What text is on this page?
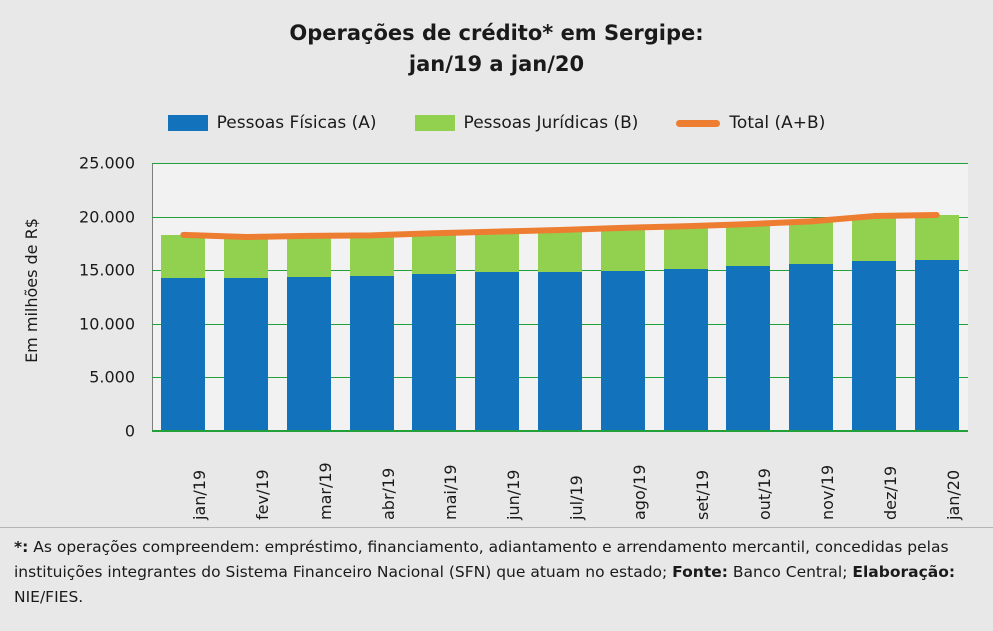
Operações de crédito* em Sergipe:
jan/19 a jan/20
Pessoas Físicas (A)	Pessoas Jurídicas (B)	Total (A+B)
Em milhões de R$
0
5.000
10.000
15.000
20.000
25.000
jan/19	fev/19	mar/19	abr/19	mai/19	jun/19	jul/19	ago/19	set/19	out/19	nov/19	dez/19	jan/20
*: As operações compreendem: empréstimo, financiamento, adiantamento e arrendamento mercantil, concedidas pelas instituições integrantes do Sistema Financeiro Nacional (SFN) que atuam no estado; Fonte: Banco Central; Elaboração: NIE/FIES.
